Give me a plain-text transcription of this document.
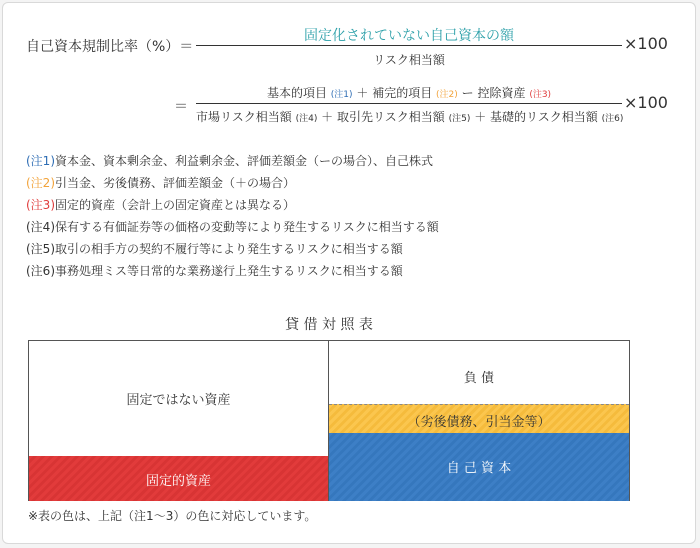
自己資本規制比率（%）＝
固定化されていない自己資本の額
リスク相当額
×100
＝
基本的項目 (注1) ＋ 補完的項目 (注2) ー 控除資産 (注3)
市場リスク相当額 (注4) ＋ 取引先リスク相当額 (注5) ＋ 基礎的リスク相当額 (注6)
×100
(注1)資本金、資本剰余金、利益剰余金、評価差額金（ーの場合）、自己株式
(注2)引当金、劣後債務、評価差額金（＋の場合）
(注3)固定的資産（会計上の固定資産とは異なる）
(注4)保有する有価証券等の価格の変動等により発生するリスクに相当する額
(注5)取引の相手方の契約不履行等により発生するリスクに相当する額
(注6)事務処理ミス等日常的な業務遂行上発生するリスクに相当する額
貸 借 対 照 表
固定ではない資産
固定的資産
負 債
（劣後債務、引当金等）
自 己 資 本
※表の色は、上記（注1～3）の色に対応しています。
